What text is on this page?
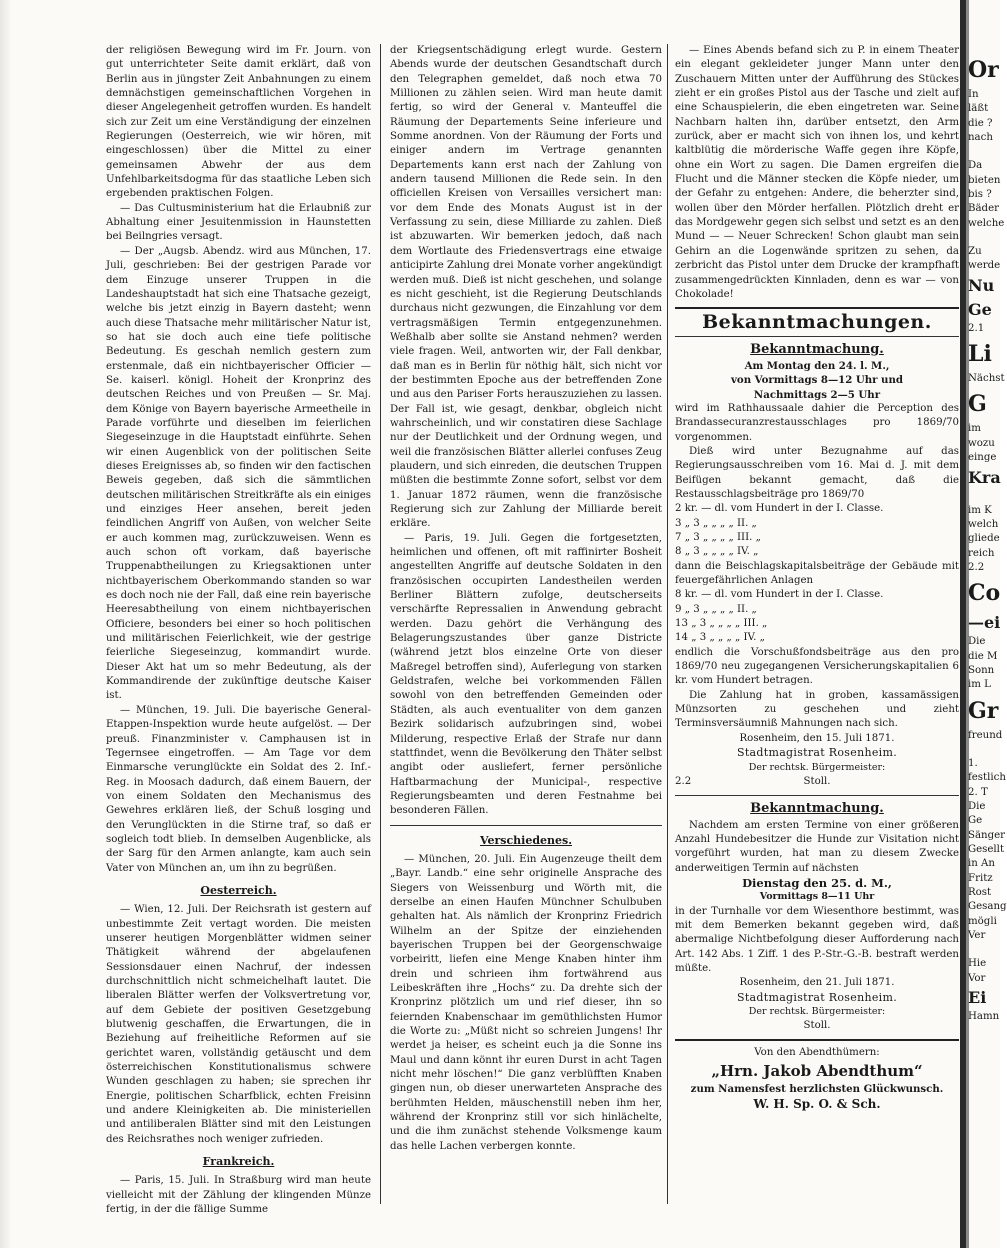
der religiösen Bewegung wird im Fr. Journ. von gut unterrichteter Seite damit erklärt, daß von Berlin aus in jüngster Zeit Anbahnungen zu einem demnächstigen gemeinschaftlichen Vorgehen in dieser Angelegenheit getroffen wurden. Es handelt sich zur Zeit um eine Verständigung der einzelnen Regierungen (Oesterreich, wie wir hören, mit eingeschlossen) über die Mittel zu einer gemeinsamen Abwehr der aus dem Unfehlbarkeitsdogma für das staatliche Leben sich ergebenden praktischen Folgen.

— Das Cultusministerium hat die Erlaubniß zur Abhaltung einer Jesuitenmission in Haunstetten bei Beilngries versagt.

— Der „Augsb. Abendz. wird aus München, 17. Juli, geschrieben: Bei der gestrigen Parade vor dem Einzuge unserer Truppen in die Landeshauptstadt hat sich eine Thatsache gezeigt, welche bis jetzt einzig in Bayern dasteht; wenn auch diese Thatsache mehr militärischer Natur ist, so hat sie doch auch eine tiefe politische Bedeutung. Es geschah nemlich gestern zum erstenmale, daß ein nichtbayerischer Officier — Se. kaiserl. königl. Hoheit der Kronprinz des deutschen Reiches und von Preußen — Sr. Maj. dem Könige von Bayern bayerische Armeetheile in Parade vorführte und dieselben im feierlichen Siegeseinzuge in die Hauptstadt einführte. Sehen wir einen Augenblick von der politischen Seite dieses Ereignisses ab, so finden wir den factischen Beweis gegeben, daß sich die sämmtlichen deutschen militärischen Streitkräfte als ein einiges und einziges Heer ansehen, bereit jeden feindlichen Angriff von Außen, von welcher Seite er auch kommen mag, zurückzuweisen. Wenn es auch schon oft vorkam, daß bayerische Truppenabtheilungen zu Kriegsaktionen unter nichtbayerischem Oberkommando standen so war es doch noch nie der Fall, daß eine rein bayerische Heeresabtheilung von einem nichtbayerischen Officiere, besonders bei einer so hoch politischen und militärischen Feierlichkeit, wie der gestrige feierliche Siegeseinzug, kommandirt wurde. Dieser Akt hat um so mehr Bedeutung, als der Kommandirende der zukünftige deutsche Kaiser ist.

— München, 19. Juli. Die bayerische General-Etappen-Inspektion wurde heute aufgelöst. — Der preuß. Finanzminister v. Camphausen ist in Tegernsee eingetroffen. — Am Tage vor dem Einmarsche verunglückte ein Soldat des 2. Inf.-Reg. in Moosach dadurch, daß einem Bauern, der von einem Soldaten den Mechanismus des Gewehres erklären ließ, der Schuß losging und den Verunglückten in die Stirne traf, so daß er sogleich todt blieb. In demselben Augenblicke, als der Sarg für den Armen anlangte, kam auch sein Vater von München an, um ihn zu begrüßen.

Oesterreich.

— Wien, 12. Juli. Der Reichsrath ist gestern auf unbestimmte Zeit vertagt worden. Die meisten unserer heutigen Morgenblätter widmen seiner Thätigkeit während der abgelaufenen Sessionsdauer einen Nachruf, der indessen durchschnittlich nicht schmeichelhaft lautet. Die liberalen Blätter werfen der Volksvertretung vor, auf dem Gebiete der positiven Gesetzgebung blutwenig geschaffen, die Erwartungen, die in Beziehung auf freiheitliche Reformen auf sie gerichtet waren, vollständig getäuscht und dem österreichischen Konstitutionalismus schwere Wunden geschlagen zu haben; sie sprechen ihr Energie, politischen Scharfblick, echten Freisinn und andere Kleinigkeiten ab. Die ministeriellen und antiliberalen Blätter sind mit den Leistungen des Reichsrathes noch weniger zufrieden.

Frankreich.

— Paris, 15. Juli. In Straßburg wird man heute vielleicht mit der Zählung der klingenden Münze fertig, in der die fällige Summe

der Kriegsentschädigung erlegt wurde. Gestern Abends wurde der deutschen Gesandtschaft durch den Telegraphen gemeldet, daß noch etwa 70 Millionen zu zählen seien. Wird man heute damit fertig, so wird der General v. Manteuffel die Räumung der Departements Seine inferieure und Somme anordnen. Von der Räumung der Forts und einiger andern im Vertrage genannten Departements kann erst nach der Zahlung von andern tausend Millionen die Rede sein. In den officiellen Kreisen von Versailles versichert man: vor dem Ende des Monats August ist in der Verfassung zu sein, diese Milliarde zu zahlen. Dieß ist abzuwarten. Wir bemerken jedoch, daß nach dem Wortlaute des Friedensvertrags eine etwaige anticipirte Zahlung drei Monate vorher angekündigt werden muß. Dieß ist nicht geschehen, und solange es nicht geschieht, ist die Regierung Deutschlands durchaus nicht gezwungen, die Einzahlung vor dem vertragsmäßigen Termin entgegenzunehmen. Weßhalb aber sollte sie Anstand nehmen? werden viele fragen. Weil, antworten wir, der Fall denkbar, daß man es in Berlin für nöthig hält, sich nicht vor der bestimmten Epoche aus der betreffenden Zone und aus den Pariser Forts herauszuziehen zu lassen. Der Fall ist, wie gesagt, denkbar, obgleich nicht wahrscheinlich, und wir constatiren diese Sachlage nur der Deutlichkeit und der Ordnung wegen, und weil die französischen Blätter allerlei confuses Zeug plaudern, und sich einreden, die deutschen Truppen müßten die bestimmte Zonne sofort, selbst vor dem 1. Januar 1872 räumen, wenn die französische Regierung sich zur Zahlung der Milliarde bereit erkläre.

— Paris, 19. Juli. Gegen die fortgesetzten, heimlichen und offenen, oft mit raffinirter Bosheit angestellten Angriffe auf deutsche Soldaten in den französischen occupirten Landestheilen werden Berliner Blättern zufolge, deutscherseits verschärfte Repressalien in Anwendung gebracht werden. Dazu gehört die Verhängung des Belagerungszustandes über ganze Districte (während jetzt blos einzelne Orte von dieser Maßregel betroffen sind), Auferlegung von starken Geldstrafen, welche bei vorkommenden Fällen sowohl von den betreffenden Gemeinden oder Städten, als auch eventualiter von dem ganzen Bezirk solidarisch aufzubringen sind, wobei Milderung, respective Erlaß der Strafe nur dann stattfindet, wenn die Bevölkerung den Thäter selbst angibt oder ausliefert, ferner persönliche Haftbarmachung der Municipal-, respective Regierungsbeamten und deren Festnahme bei besonderen Fällen.

Verschiedenes.

— München, 20. Juli. Ein Augenzeuge theilt dem „Bayr. Landb.“ eine sehr originelle Ansprache des Siegers von Weissenburg und Wörth mit, die derselbe an einen Haufen Münchner Schulbuben gehalten hat. Als nämlich der Kronprinz Friedrich Wilhelm an der Spitze der einziehenden bayerischen Truppen bei der Georgenschwaige vorbeiritt, liefen eine Menge Knaben hinter ihm drein und schrieen ihm fortwährend aus Leibeskräften ihre „Hochs“ zu. Da drehte sich der Kronprinz plötzlich um und rief dieser, ihn so feiernden Knabenschaar im gemüthlichsten Humor die Worte zu: „Müßt nicht so schreien Jungens! Ihr werdet ja heiser, es scheint euch ja die Sonne ins Maul und dann könnt ihr euren Durst in acht Tagen nicht mehr löschen!“ Die ganz verblüfften Knaben gingen nun, ob dieser unerwarteten Ansprache des berühmten Helden, mäuschenstill neben ihm her, während der Kronprinz still vor sich hinlächelte, und die ihm zunächst stehende Volksmenge kaum das helle Lachen verbergen konnte.

— Eines Abends befand sich zu P. in einem Theater ein elegant gekleideter junger Mann unter den Zuschauern Mitten unter der Aufführung des Stückes zieht er ein großes Pistol aus der Tasche und zielt auf eine Schauspielerin, die eben eingetreten war. Seine Nachbarn halten ihn, darüber entsetzt, den Arm zurück, aber er macht sich von ihnen los, und kehrt kaltblütig die mörderische Waffe gegen ihre Köpfe, ohne ein Wort zu sagen. Die Damen ergreifen die Flucht und die Männer stecken die Köpfe nieder, um der Gefahr zu entgehen: Andere, die beherzter sind, wollen über den Mörder herfallen. Plötzlich dreht er das Mordgewehr gegen sich selbst und setzt es an den Mund — — Neuer Schrecken! Schon glaubt man sein Gehirn an die Logenwände spritzen zu sehen, da zerbricht das Pistol unter dem Drucke der krampfhaft zusammengedrückten Kinnladen, denn es war — von Chokolade!

Bekanntmachungen.
Bekanntmachung.

Am Montag den 24. l. M.,

von Vormittags 8—12 Uhr und

Nachmittags 2—5 Uhr

wird im Rathhaussaale dahier die Perception des Brandassecuranzrestausschlages pro 1869/70 vorgenommen.

Dieß wird unter Bezugnahme auf das Regierungsausschreiben vom 16. Mai d. J. mit dem Beifügen bekannt gemacht, daß die Restausschlagsbeiträge pro 1869/70

2 kr. — dl. vom Hundert in der I. Classe.

3 „ 3 „ „ „ „ II. „

7 „ 3 „ „ „ „ III. „

8 „ 3 „ „ „ „ IV. „

dann die Beischlagskapitalsbeiträge der Gebäude mit feuergefährlichen Anlagen

8 kr. — dl. vom Hundert in der I. Classe.

9 „ 3 „ „ „ „ II. „

13 „ 3 „ „ „ „ III. „

14 „ 3 „ „ „ „ IV. „

endlich die Vorschußfondsbeiträge aus den pro 1869/70 neu zugegangenen Versicherungskapitalien 6 kr. vom Hundert betragen.

Die Zahlung hat in groben, kassamässigen Münzsorten zu geschehen und zieht Terminsversäumniß Mahnungen nach sich.

Rosenheim, den 15. Juli 1871.

Stadtmagistrat Rosenheim.

Der rechtsk. Bürgermeister:

2.2	Stoll.

Bekanntmachung.

Nachdem am ersten Termine von einer größeren Anzahl Hundebesitzer die Hunde zur Visitation nicht vorgeführt wurden, hat man zu diesem Zwecke anderweitigen Termin auf nächsten

Dienstag den 25. d. M.,

Vormittags 8—11 Uhr

in der Turnhalle vor dem Wiesenthore bestimmt, was mit dem Bemerken bekannt gegeben wird, daß abermalige Nichtbefolgung dieser Aufforderung nach Art. 142 Abs. 1 Ziff. 1 des P.-Str.-G.-B. bestraft werden müßte.

Rosenheim, den 21. Juli 1871.

Stadtmagistrat Rosenheim.

Der rechtsk. Bürgermeister:

Stoll.

Von den Abendthümern:

„Hrn. Jakob Abendthum“

zum Namensfest herzlichsten Glückwunsch.

W. H. Sp. O. & Sch.

Or
In
läßt
die ?
nach
Da
bieten
bis ?
Bäder
welche
Zu
werde
Nu
Ge
2.1
Li
Nächst
G
im
wozu
einge
Kra
im K
welch
gliede
reich
2.2
Co
—ei
Die
die M
Sonn
im L
Gr
freund
1.
festlich
2. T
Die
Ge
Sänger
Gesellt
in An
Fritz
Rost
Gesang
mögli
Ver
Hie
Vor
Ei
Hamn
